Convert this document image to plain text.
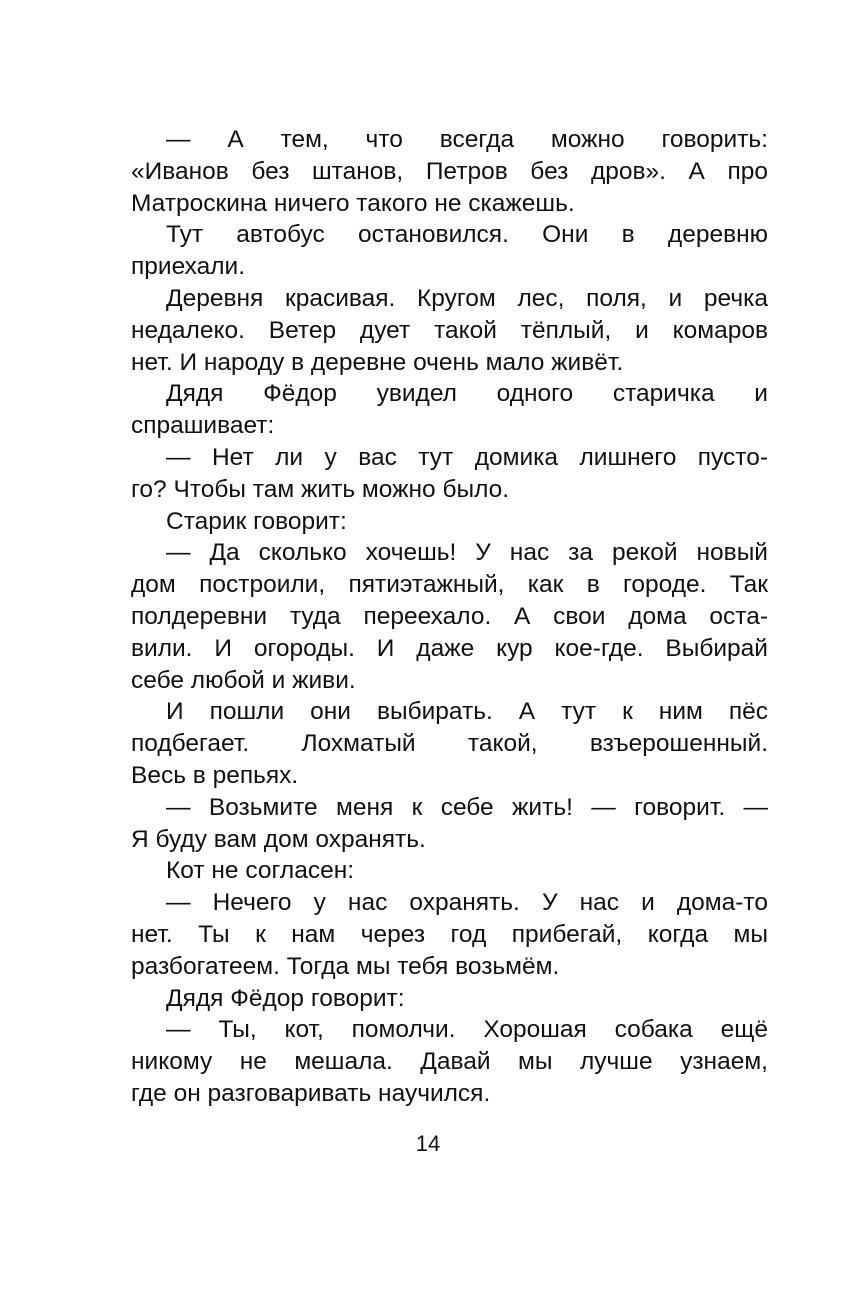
— А тем, что всегда можно говорить:
«Иванов без штанов, Петров без дров». А про
Матроскина ничего такого не скажешь.
Тут автобус остановился. Они в деревню
приехали.
Деревня красивая. Кругом лес, поля, и речка
недалеко. Ветер дует такой тёплый, и комаров
нет. И народу в деревне очень мало живёт.
Дядя Фёдор увидел одного старичка и
спрашивает:
— Нет ли у вас тут домика лишнего пусто-
го? Чтобы там жить можно было.
Старик говорит:
— Да сколько хочешь! У нас за рекой новый
дом построили, пятиэтажный, как в городе. Так
полдеревни туда переехало. А свои дома оста-
вили. И огороды. И даже кур кое-где. Выбирай
себе любой и живи.
И пошли они выбирать. А тут к ним пёс
подбегает. Лохматый такой, взъерошенный.
Весь в репьях.
— Возьмите меня к себе жить! — говорит. —
Я буду вам дом охранять.
Кот не согласен:
— Нечего у нас охранять. У нас и дома-то
нет. Ты к нам через год прибегай, когда мы
разбогатеем. Тогда мы тебя возьмём.
Дядя Фёдор говорит:
— Ты, кот, помолчи. Хорошая собака ещё
никому не мешала. Давай мы лучше узнаем,
где он разговаривать научился.
14
